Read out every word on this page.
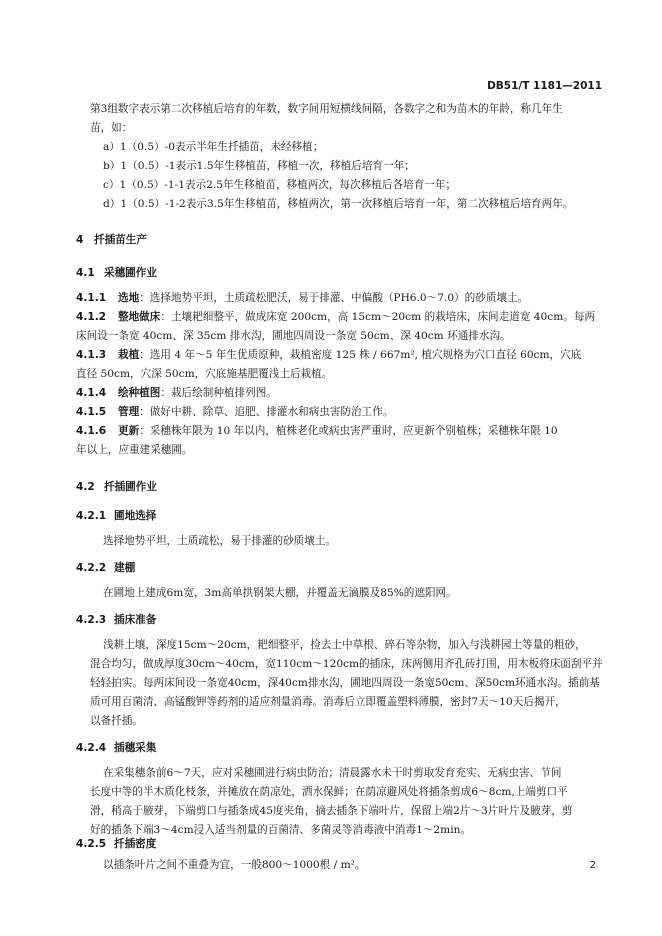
DB51/T 1181—2011
第3组数字表示第二次移植后培育的年数，数字间用短横线间隔，各数字之和为苗木的年龄，称几年生
苗，如：
a）1（0.5）-0表示半年生扦插苗，未经移植；
b）1（0.5）-1表示1.5年生移植苗，移植一次，移植后培育一年；
c）1（0.5）-1-1表示2.5年生移植苗，移植两次，每次移植后各培育一年；
d）1（0.5）-1-2表示3.5年生移植苗，移植两次，第一次移植后培育一年，第二次移植后培育两年。
4 扦插苗生产
4.1 采穗圃作业
4.1.1 选地：选择地势平坦，土质疏松肥沃，易于排灌、中偏酸（PH6.0～7.0）的砂质壤土。
4.1.2 整地做床：土壤耙细整平，做成床宽 200cm，高 15cm～20cm 的栽培床，床间走道宽 40cm。每两
床间设一条宽 40cm、深 35cm 排水沟，圃地四周设一条宽 50cm、深 40cm 环通排水沟。
4.1.3 栽植：选用 4 年～5 年生优质原种，栽植密度 125 株 / 667m², 植穴规格为穴口直径 60cm，穴底
直径 50cm，穴深 50cm，穴底施基肥覆浅土后栽植。
4.1.4 绘种植图：栽后绘制种植排列图。
4.1.5 管理：做好中耕、除草、追肥、排灌水和病虫害防治工作。
4.1.6 更新：采穗株年限为 10 年以内，植株老化或病虫害严重时，应更新个别植株；采穗株年限 10
年以上，应重建采穗圃。
4.2 扦插圃作业
4.2.1 圃地选择
选择地势平坦，土质疏松，易于排灌的砂质壤土。
4.2.2 建棚
在圃地上建成6m宽，3m高单拱钢架大棚，并覆盖无滴膜及85%的遮阳网。
4.2.3 插床准备
浅耕土壤，深度15cm～20cm，耙细整平，捡去土中草根、碎石等杂物，加入与浅耕园土等量的粗砂，
混合均匀，做成厚度30cm～40cm，宽110cm～120cm的插床，床两侧用齐孔砖打围，用木板将床面刮平并
轻轻拍实。每两床间设一条宽40cm，深40cm排水沟，圃地四周设一条宽50cm、深50cm环通水沟。插前基
质可用百菌清、高锰酸钾等药剂的适应剂量消毒。消毒后立即覆盖塑料薄膜，密封7天～10天后揭开，
以备扦插。
4.2.4 插穗采集
在采集穗条前6～7天，应对采穗圃进行病虫防治；清晨露水未干时剪取发育充实、无病虫害、节间
长度中等的半木质化枝条，并摊放在荫凉处，洒水保鲜；在荫凉避风处将插条剪成6～8cm,上端剪口平
滑，稍高于腋芽，下端剪口与插条成45度夹角，摘去插条下端叶片，保留上端2片～3片叶片及腋芽，剪
好的插条下端3～4cm浸入适当剂量的百菌清、多菌灵等消毒液中消毒1～2min。
4.2.5 扦插密度
以插条叶片之间不重叠为宜，一般800～1000根 / m²。	2
